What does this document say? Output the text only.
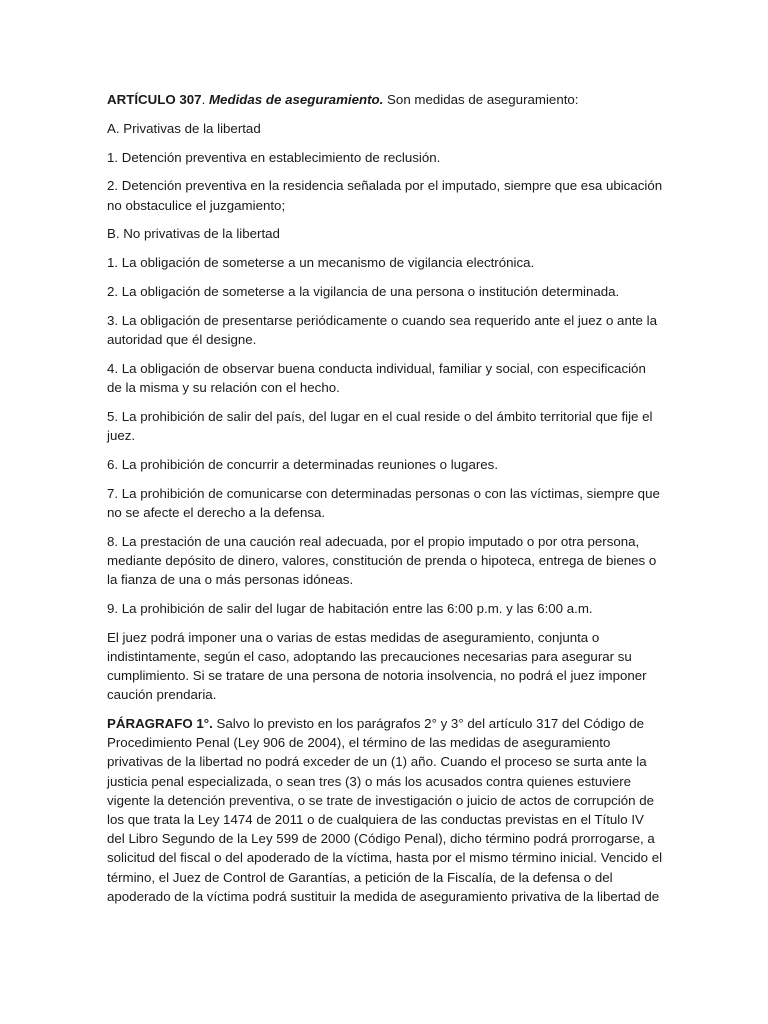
ARTÍCULO 307. Medidas de aseguramiento. Son medidas de aseguramiento:

A. Privativas de la libertad

1. Detención preventiva en establecimiento de reclusión.

2. Detención preventiva en la residencia señalada por el imputado, siempre que esa ubicación no obstaculice el juzgamiento;

B. No privativas de la libertad

1. La obligación de someterse a un mecanismo de vigilancia electrónica.

2. La obligación de someterse a la vigilancia de una persona o institución determinada.

3. La obligación de presentarse periódicamente o cuando sea requerido ante el juez o ante la autoridad que él designe.

4. La obligación de observar buena conducta individual, familiar y social, con especificación de la misma y su relación con el hecho.

5. La prohibición de salir del país, del lugar en el cual reside o del ámbito territorial que fije el juez.

6. La prohibición de concurrir a determinadas reuniones o lugares.

7. La prohibición de comunicarse con determinadas personas o con las víctimas, siempre que no se afecte el derecho a la defensa.

8. La prestación de una caución real adecuada, por el propio imputado o por otra persona, mediante depósito de dinero, valores, constitución de prenda o hipoteca, entrega de bienes o la fianza de una o más personas idóneas.

9. La prohibición de salir del lugar de habitación entre las 6:00 p.m. y las 6:00 a.m.

El juez podrá imponer una o varias de estas medidas de aseguramiento, conjunta o indistintamente, según el caso, adoptando las precauciones necesarias para asegurar su cumplimiento. Si se tratare de una persona de notoria insolvencia, no podrá el juez imponer caución prendaria.

PÁRAGRAFO 1°. Salvo lo previsto en los parágrafos 2° y 3° del artículo 317 del Código de Procedimiento Penal (Ley 906 de 2004), el término de las medidas de aseguramiento privativas de la libertad no podrá exceder de un (1) año. Cuando el proceso se surta ante la justicia penal especializada, o sean tres (3) o más los acusados contra quienes estuviere vigente la detención preventiva, o se trate de investigación o juicio de actos de corrupción de los que trata la Ley 1474 de 2011 o de cualquiera de las conductas previstas en el Título IV del Libro Segundo de la Ley 599 de 2000 (Código Penal), dicho término podrá prorrogarse, a solicitud del fiscal o del apoderado de la víctima, hasta por el mismo término inicial. Vencido el término, el Juez de Control de Garantías, a petición de la Fiscalía, de la defensa o del apoderado de la víctima podrá sustituir la medida de aseguramiento privativa de la libertad de
